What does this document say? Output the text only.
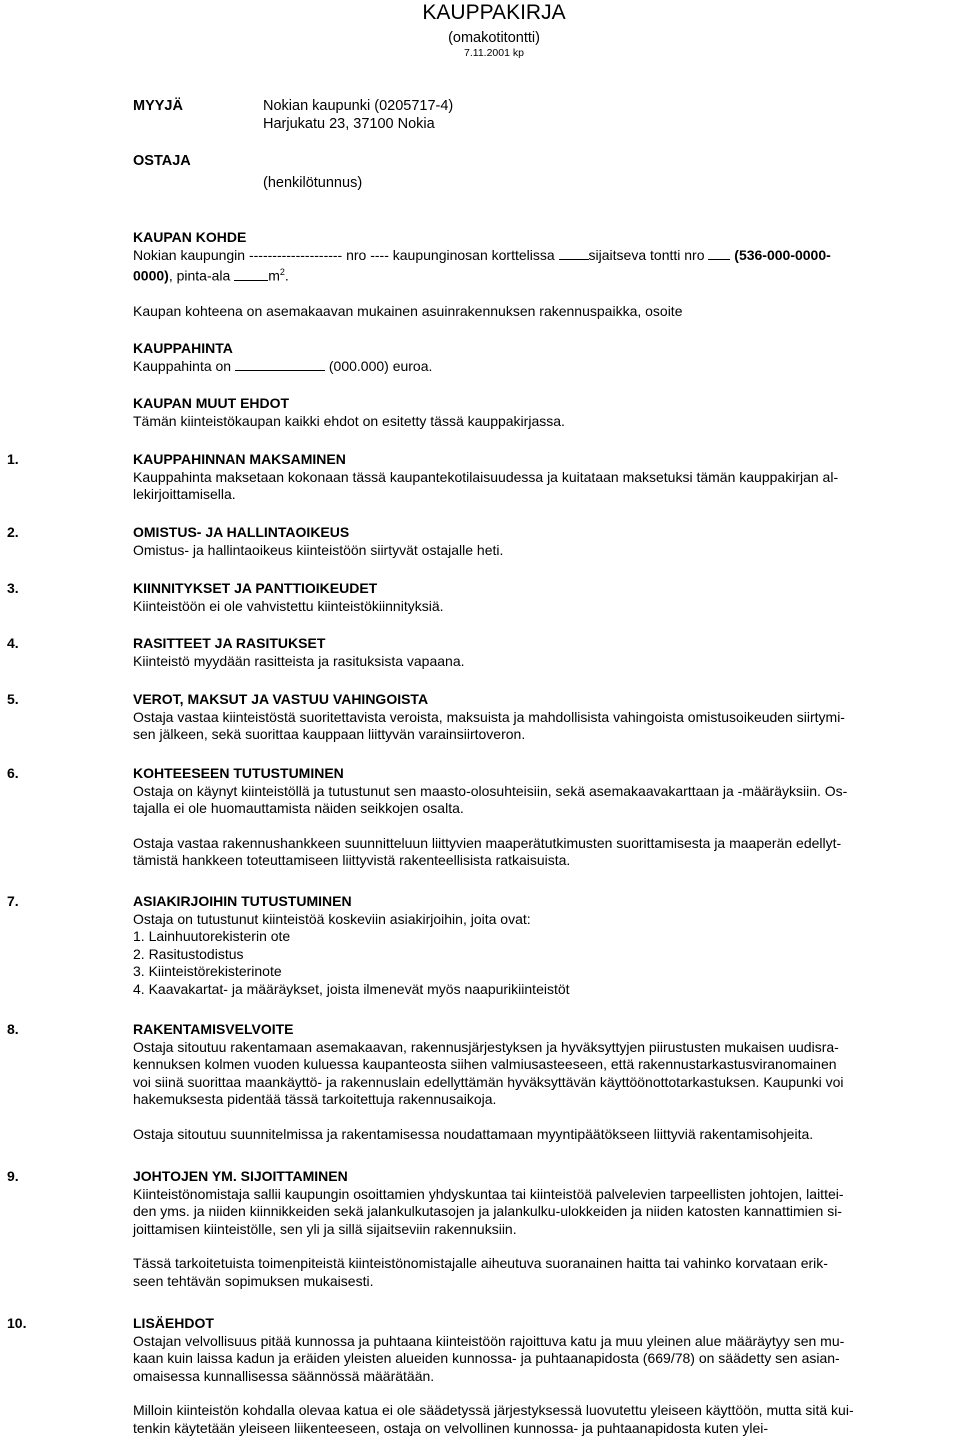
KAUPPAKIRJA
(omakotitontti)
7.11.2001 kp
MYYJÄ	Nokian kaupunki (0205717-4)
Harjukatu 23, 37100 Nokia
OSTAJA
(henkilötunnus)
KAUPAN KOHDE
Nokian kaupungin -------------------- nro ---- kaupunginosan korttelissa sijaitseva tontti nro (536-000-0000-
0000), pinta-ala	$m^2$.
Kaupan kohteena on asemakaavan mukainen asuinrakennuksen rakennuspaikka, osoite
KAUPPAHINTA
Kauppahinta on	(000.000) euroa.
KAUPAN MUUT EHDOT
Tämän kiinteistökaupan kaikki ehdot on esitetty tässä kauppakirjassa.
1.	KAUPPAHINNAN MAKSAMINEN
Kauppahinta maksetaan kokonaan tässä kaupantekotilaisuudessa ja kuitataan maksetuksi tämän kauppakirjan al-
lekirjoittamisella.
2.	OMISTUS- JA HALLINTAOIKEUS
Omistus- ja hallintaoikeus kiinteistöön siirtyvät ostajalle heti.
3.	KIINNITYKSET JA PANTTIOIKEUDET
Kiinteistöön ei ole vahvistettu kiinteistökiinnityksiä.
4.	RASITTEET JA RASITUKSET
Kiinteistö myydään rasitteista ja rasituksista vapaana.
5.	VEROT, MAKSUT JA VASTUU VAHINGOISTA
Ostaja vastaa kiinteistöstä suoritettavista veroista, maksuista ja mahdollisista vahingoista omistusoikeuden siirtymi-
sen jälkeen, sekä suorittaa kauppaan liittyvän varainsiirtoveron.
6.	KOHTEESEEN TUTUSTUMINEN
Ostaja on käynyt kiinteistöllä ja tutustunut sen maasto-olosuhteisiin, sekä asemakaavakarttaan ja -määräyksiin. Os-
tajalla ei ole huomauttamista näiden seikkojen osalta.
Ostaja vastaa rakennushankkeen suunnitteluun liittyvien maaperätutkimusten suorittamisesta ja maaperän edellyt-
tämistä hankkeen toteuttamiseen liittyvistä rakenteellisista ratkaisuista.
7.	ASIAKIRJOIHIN TUTUSTUMINEN
Ostaja on tutustunut kiinteistöä koskeviin asiakirjoihin, joita ovat:
1. Lainhuutorekisterin ote
2. Rasitustodistus
3. Kiinteistörekisterinote
4. Kaavakartat- ja määräykset, joista ilmenevät myös naapurikiinteistöt
8.	RAKENTAMISVELVOITE
Ostaja sitoutuu rakentamaan asemakaavan, rakennusjärjestyksen ja hyväksyttyjen piirustusten mukaisen uudisra-
kennuksen kolmen vuoden kuluessa kaupanteosta siihen valmiusasteeseen, että rakennustarkastusviranomainen
voi siinä suorittaa maankäyttö- ja rakennuslain edellyttämän hyväksyttävän käyttöönottotarkastuksen. Kaupunki voi
hakemuksesta pidentää tässä tarkoitettuja rakennusaikoja.
Ostaja sitoutuu suunnitelmissa ja rakentamisessa noudattamaan myyntipäätökseen liittyviä rakentamisohjeita.
9.	JOHTOJEN YM. SIJOITTAMINEN
Kiinteistönomistaja sallii kaupungin osoittamien yhdyskuntaa tai kiinteistöä palvelevien tarpeellisten johtojen, laittei-
den yms. ja niiden kiinnikkeiden sekä jalankulkutasojen ja jalankulku-ulokkeiden ja niiden katosten kannattimien si-
joittamisen kiinteistölle, sen yli ja sillä sijaitseviin rakennuksiin.
Tässä tarkoitetuista toimenpiteistä kiinteistönomistajalle aiheutuva suoranainen haitta tai vahinko korvataan erik-
seen tehtävän sopimuksen mukaisesti.
10.	LISÄEHDOT
Ostajan velvollisuus pitää kunnossa ja puhtaana kiinteistöön rajoittuva katu ja muu yleinen alue määräytyy sen mu-
kaan kuin laissa kadun ja eräiden yleisten alueiden kunnossa- ja puhtaanapidosta (669/78) on säädetty sen asian-
omaisessa kunnallisessa säännössä määrätään.
Milloin kiinteistön kohdalla olevaa katua ei ole säädetyssä järjestyksessä luovutettu yleiseen käyttöön, mutta sitä kui-
tenkin käytetään yleiseen liikenteeseen, ostaja on velvollinen kunnossa- ja puhtaanapidosta kuten ylei-
